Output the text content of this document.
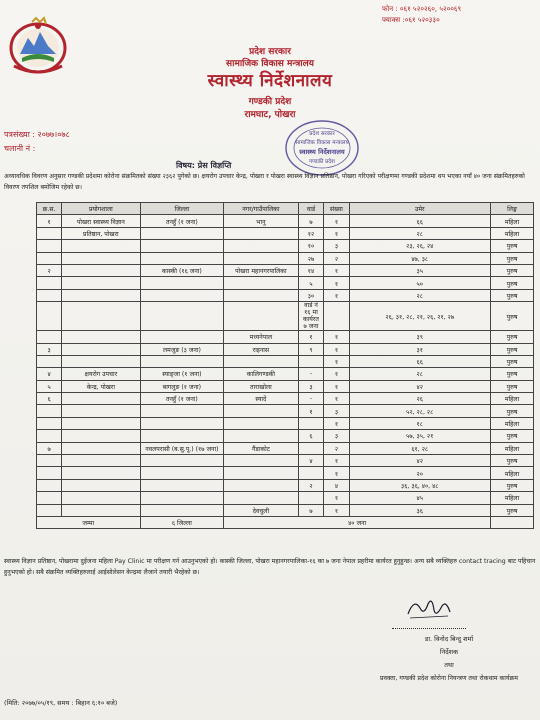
फोन : ०६१ ५२०२६०, ५२००६९
फ्याक्स :०६१ ५२०३३०
प्रदेश सरकार
सामाजिक विकास मन्त्रालय
स्वास्थ्य निर्देशनालय
गण्डकी प्रदेश
रामघाट, पोखरा
प्रदेश सरकार
सामाजिक विकास मन्त्रालय
स्वास्थ्य निर्देशनालय
गण्डकी प्रदेश
पत्रसंख्या : २०७७।०७८
चलानी नं :
विषय: प्रेस विज्ञप्ति
अध्यावधिक विवरण अनुसार गण्डकी प्रदेशमा कोरोना संक्रमितको संख्या २३६२ पुगेको छ। क्षयरोग उपचार केन्द्र, पोखरा र पोखरा स्वास्थ्य विज्ञान प्रतिष्ठान, पोखरा गरिएको परीक्षणमा गण्डकी प्रदेशमा थप भएका नयाँ ४० जना संक्रमितहरुको विवरण तपशिल बमोजिम रहेको छ।
क्र.स.	प्रयोगशाला	जिल्ला	नगर/गाउँपालिका	वार्ड	संख्या	उमेर	लिङ्ग
१	पोखरा स्वास्थ्य विज्ञान	तनहुँ (१ जना)	भानु	७	१	६६	महिला
	प्रतिष्ठान, पोखरा			१२	१	२८	महिला
				१०	३	२३, २६, २४	पुरुष
				२७	२	४७, ३८	पुरुष
२		कास्की (१६ जना)	पोखरा महानगरपालिका	१४	१	३५	पुरुष
				५	१	५०	पुरुष
				३०	१	२८	पुरुष
				वार्ड नं १६ मा कार्यरत ७ जना		२६, ३१, २८, २१, २६, २१, २७	पुरुष
			मध्यनेपाल	१	१	३९	पुरुष
३		लमजुङ (३ जना)	राइनास	९	१	३१	पुरुष
					१	६६	पुरुष
४	क्षयरोग उपचार	स्याङ्जा (१ जना)	कालिगण्डकी	-	१	२८	पुरुष
५	केन्द्र, पोखरा	बागलुङ (१ जना)	ताराखोला	३	१	४२	पुरुष
६		तनहुँ (१ जना)	स्यादें	-	१	२६	महिला
				१	३	५२, २८, २८	पुरुष
					१	१८	महिला
				६	३	५७, ३५, २१	पुरुष
७		नवलपरासी (ब.सु.पू.) (१७ जना)	गैंडाकोट		२	६१, २८	महिला
				४	१	४२	पुरुष
					१	२०	महिला
				२	४	३६, ३६, ४०, ४८	पुरुष
					१	४५	महिला
			देवचुली	७	१	३६	पुरुष
जम्मा		६ जिल्ला	४० जना				
स्वास्थ्य विज्ञान प्रतिष्ठान, पोखरामा दुईजना महिला Pay Clinic मा परीक्षण गर्न आउनुभएको हो। कास्की जिल्ला, पोखरा महानगरपालिका-१६ का ७ जना नेपाल प्रहरीमा कार्यरत हुनुहुन्छ। अन्य सबै व्यक्तिहरु contact tracing बाट पहिचान हुनुभएको हो। सबै संक्रमित व्यक्तिहरुलाई आईसोलेसन केन्द्रमा लैजाने तयारी भैरहेको छ।
डा. विनोद बिन्दु शर्मा
निर्देशक
तथा
प्रवक्ता, गण्डकी प्रदेश कोरोना नियन्त्रण तथा रोकथाम कार्यक्रम
(मिति: २०७७/०५/१९, समय : बिहान ६:१० बजे)
